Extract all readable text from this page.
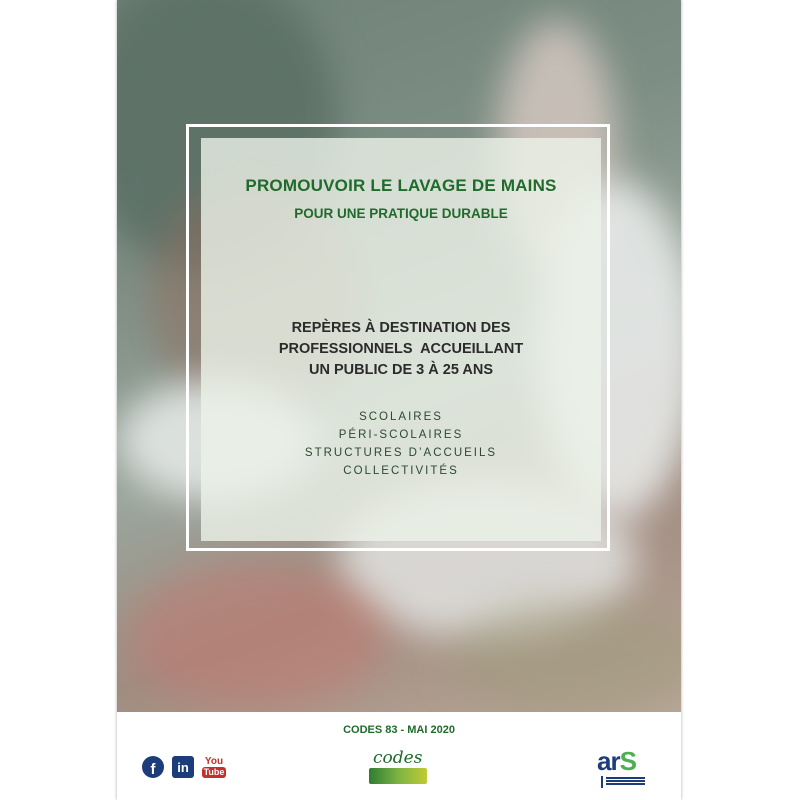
PROMOUVOIR LE LAVAGE DE MAINS
POUR UNE PRATIQUE DURABLE
REPÈRES À DESTINATION DES
PROFESSIONNELS  ACCUEILLANT
UN PUBLIC DE 3 À 25 ANS
SCOLAIRES
PÉRI-SCOLAIRES
STRUCTURES D’ACCUEILS
COLLECTIVITÉS
CODES 83 - MAI 2020
f	in	You
Tube
codes	arS
